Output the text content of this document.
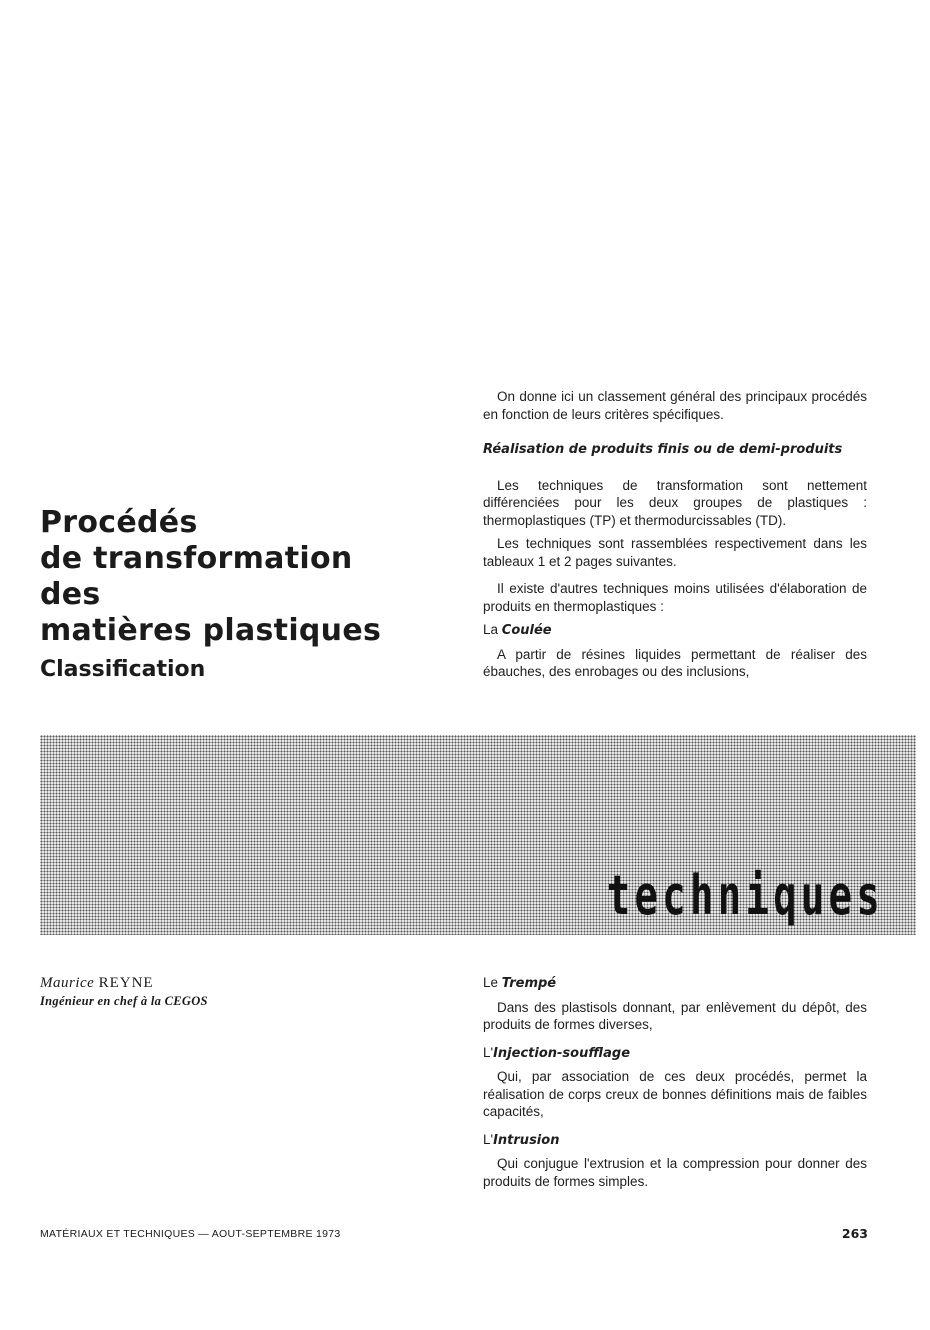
Procédés
de transformation
des
matières plastiques
Classification

On donne ici un classement général des principaux procédés en fonction de leurs critères spécifiques.

Réalisation de produits finis ou de demi-produits

Les techniques de transformation sont nettement différenciées pour les deux groupes de plastiques : thermoplastiques (TP) et thermodurcissables (TD).

Les techniques sont rassemblées respectivement dans les tableaux 1 et 2 pages suivantes.

Il existe d'autres techniques moins utilisées d'élaboration de produits en thermoplastiques :

La Coulée

A partir de résines liquides permettant de réaliser des ébauches, des enrobages ou des inclusions,

techniques
Maurice REYNE
Ingénieur en chef à la CEGOS

Le Trempé

Dans des plastisols donnant, par enlèvement du dépôt, des produits de formes diverses,

L'Injection-soufflage

Qui, par association de ces deux procédés, permet la réalisation de corps creux de bonnes définitions mais de faibles capacités,

L'Intrusion

Qui conjugue l'extrusion et la compression pour donner des produits de formes simples.

MATÉRIAUX ET TECHNIQUES — AOUT-SEPTEMBRE 1973	263
